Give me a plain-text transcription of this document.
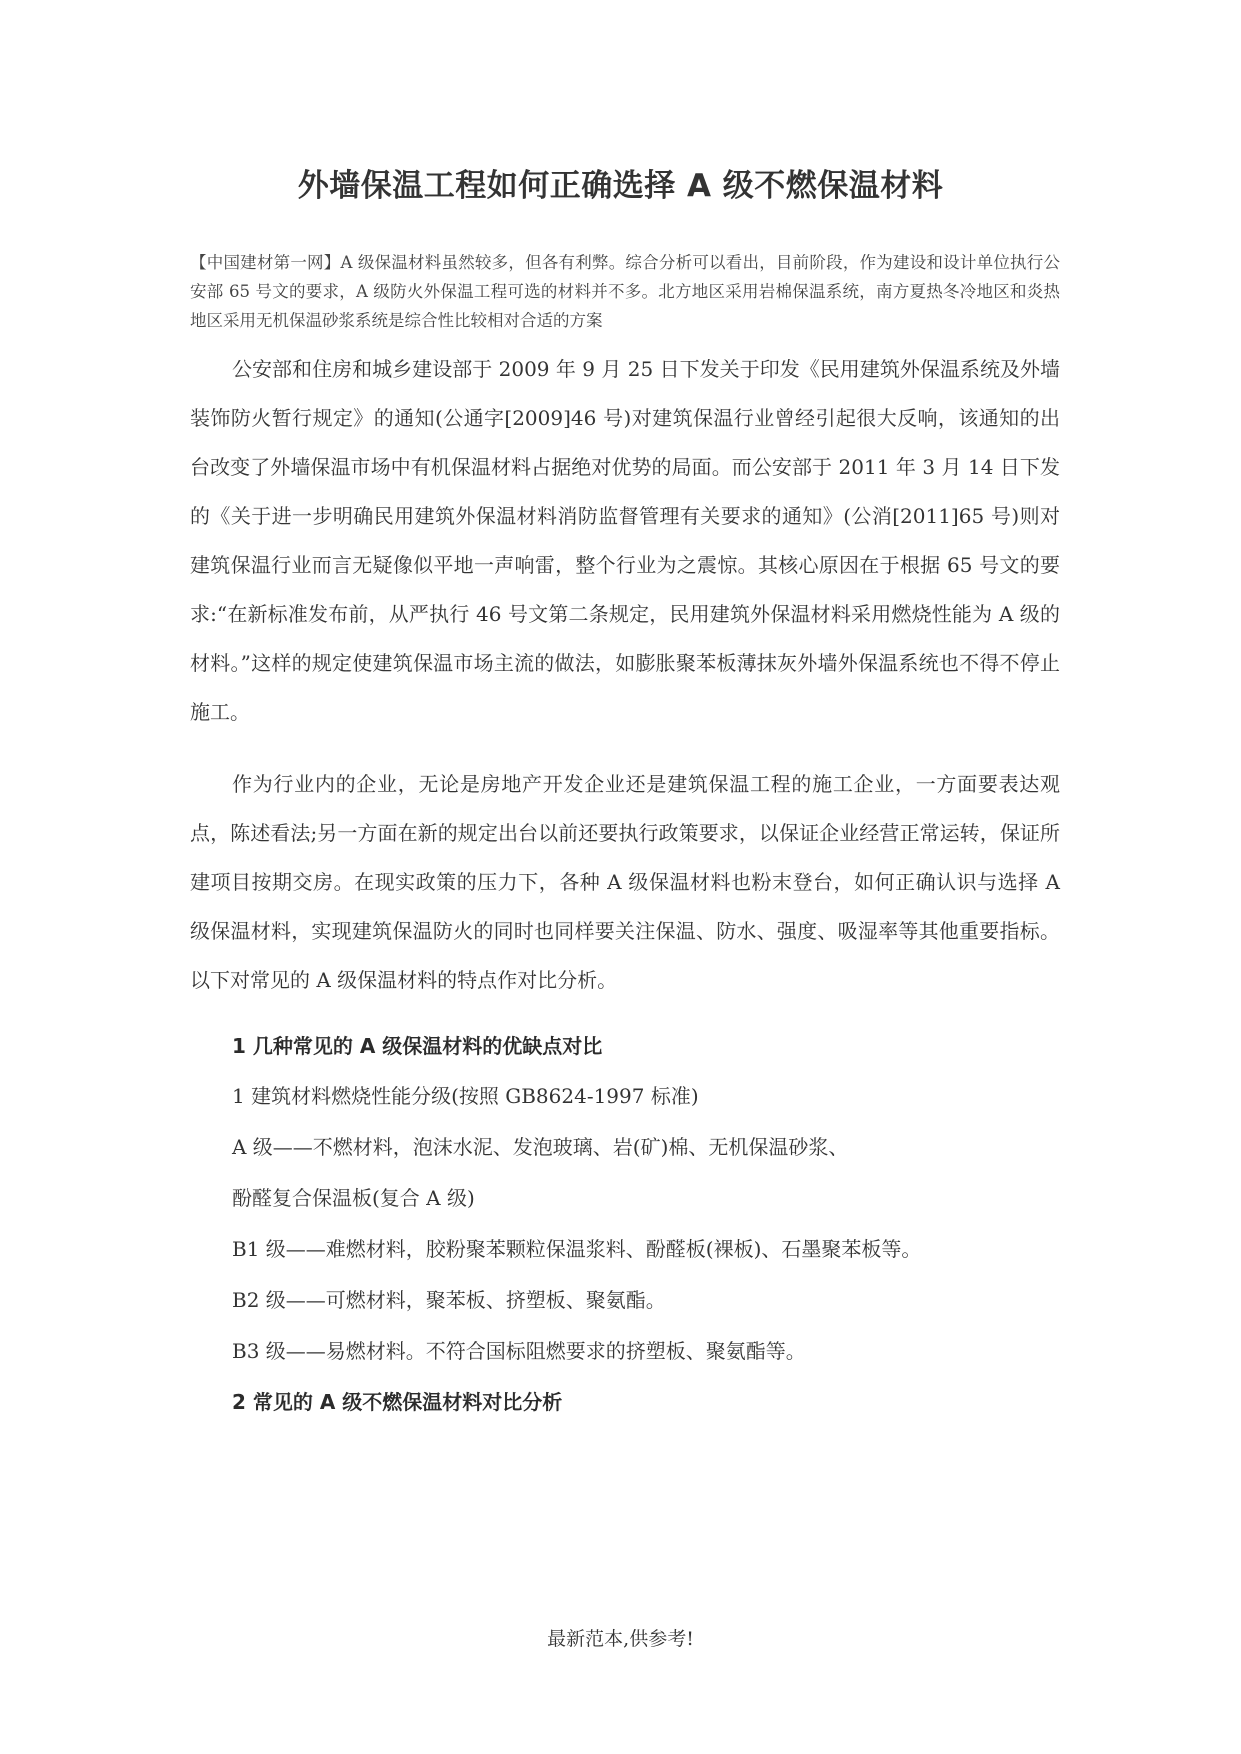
外墙保温工程如何正确选择 A 级不燃保温材料

【中国建材第一网】A 级保温材料虽然较多，但各有利弊。综合分析可以看出，目前阶段，作为建设和设计单位执行公安部 65 号文的要求，A 级防火外保温工程可选的材料并不多。北方地区采用岩棉保温系统，南方夏热冬冷地区和炎热地区采用无机保温砂浆系统是综合性比较相对合适的方案

公安部和住房和城乡建设部于 2009 年 9 月 25 日下发关于印发《民用建筑外保温系统及外墙装饰防火暂行规定》的通知(公通字[2009]46 号)对建筑保温行业曾经引起很大反响，该通知的出台改变了外墙保温市场中有机保温材料占据绝对优势的局面。而公安部于 2011 年 3 月 14 日下发的《关于进一步明确民用建筑外保温材料消防监督管理有关要求的通知》(公消[2011]65 号)则对建筑保温行业而言无疑像似平地一声响雷，整个行业为之震惊。其核心原因在于根据 65 号文的要求:“在新标准发布前，从严执行 46 号文第二条规定，民用建筑外保温材料采用燃烧性能为 A 级的材料。”这样的规定使建筑保温市场主流的做法，如膨胀聚苯板薄抹灰外墙外保温系统也不得不停止施工。

作为行业内的企业，无论是房地产开发企业还是建筑保温工程的施工企业，一方面要表达观点，陈述看法;另一方面在新的规定出台以前还要执行政策要求，以保证企业经营正常运转，保证所建项目按期交房。在现实政策的压力下，各种 A 级保温材料也粉末登台，如何正确认识与选择 A 级保温材料，实现建筑保温防火的同时也同样要关注保温、防水、强度、吸湿率等其他重要指标。以下对常见的 A 级保温材料的特点作对比分析。

1 几种常见的 A 级保温材料的优缺点对比

1 建筑材料燃烧性能分级(按照 GB8624-1997 标准)

A 级——不燃材料，泡沫水泥、发泡玻璃、岩(矿)棉、无机保温砂浆、

酚醛复合保温板(复合 A 级)

B1 级——难燃材料，胶粉聚苯颗粒保温浆料、酚醛板(裸板)、石墨聚苯板等。

B2 级——可燃材料，聚苯板、挤塑板、聚氨酯。

B3 级——易燃材料。不符合国标阻燃要求的挤塑板、聚氨酯等。

2 常见的 A 级不燃保温材料对比分析

最新范本,供参考!
